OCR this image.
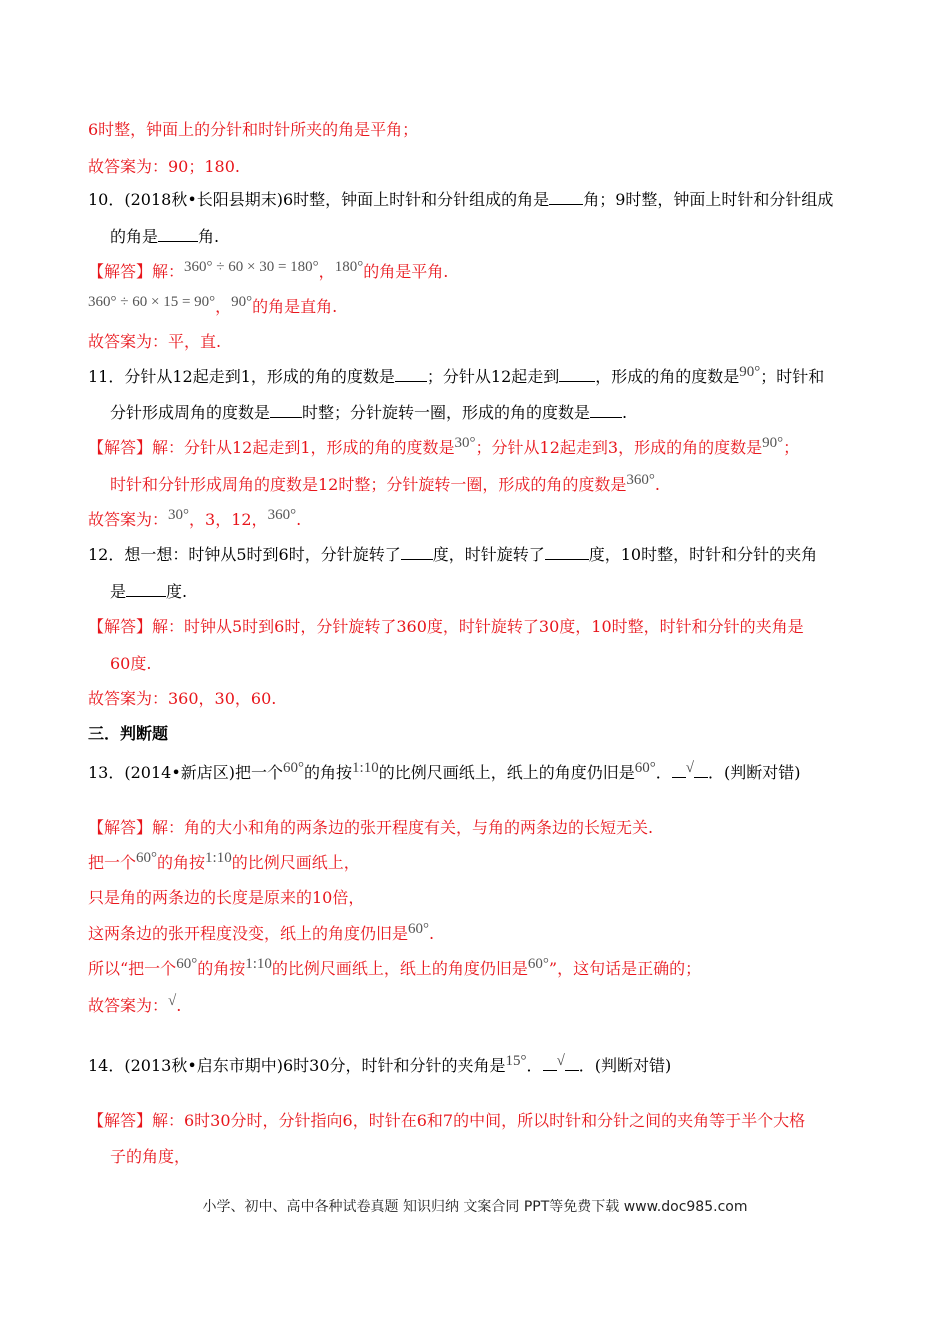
6时整，钟面上的分针和时针所夹的角是平角；
故答案为：90；180.
10．(2018秋•长阳县期末)6时整，钟面上时针和分针组成的角是 角；9时整，钟面上时针和分针组成
的角是	角.
【解答】解：360° ÷ 60 × 30 = 180°，180°的角是平角.
360° ÷ 60 × 15 = 90°，90°的角是直角.
故答案为：平，直.
11．分针从12起走到1，形成的角的度数是 ；分针从12起走到 ，形成的角的度数是90°；时针和
分针形成周角的度数是 时整；分针旋转一圈，形成的角的度数是 .
【解答】解：分针从12起走到1，形成的角的度数是30°；分针从12起走到3，形成的角的度数是90°；
时针和分针形成周角的度数是12时整；分针旋转一圈，形成的角的度数是360°.
故答案为：30°，3，12，360°.
12．想一想：时钟从5时到6时，分针旋转了 度，时针旋转了	度，10时整，时针和分针的夹角
是	度.
【解答】解：时钟从5时到6时，分针旋转了360度，时针旋转了30度，10时整，时针和分针的夹角是
60度.
故答案为：360，30，60.
三．判断题
13．(2014•新店区)把一个60°的角按1:10的比例尺画纸上，纸上的角度仍旧是60°． √ ．(判断对错)
【解答】解：角的大小和角的两条边的张开程度有关，与角的两条边的长短无关.
把一个60°的角按1:10的比例尺画纸上，
只是角的两条边的长度是原来的10倍，
这两条边的张开程度没变，纸上的角度仍旧是60°.
所以“把一个60°的角按1:10的比例尺画纸上，纸上的角度仍旧是60°”，这句话是正确的；
故答案为：√.
14．(2013秋•启东市期中)6时30分，时针和分针的夹角是15°． √ ．(判断对错)
【解答】解：6时30分时，分针指向6，时针在6和7的中间，所以时针和分针之间的夹角等于半个大格
子的角度，
小学、初中、高中各种试卷真题 知识归纳 文案合同 PPT等免费下载 www.doc985.com
